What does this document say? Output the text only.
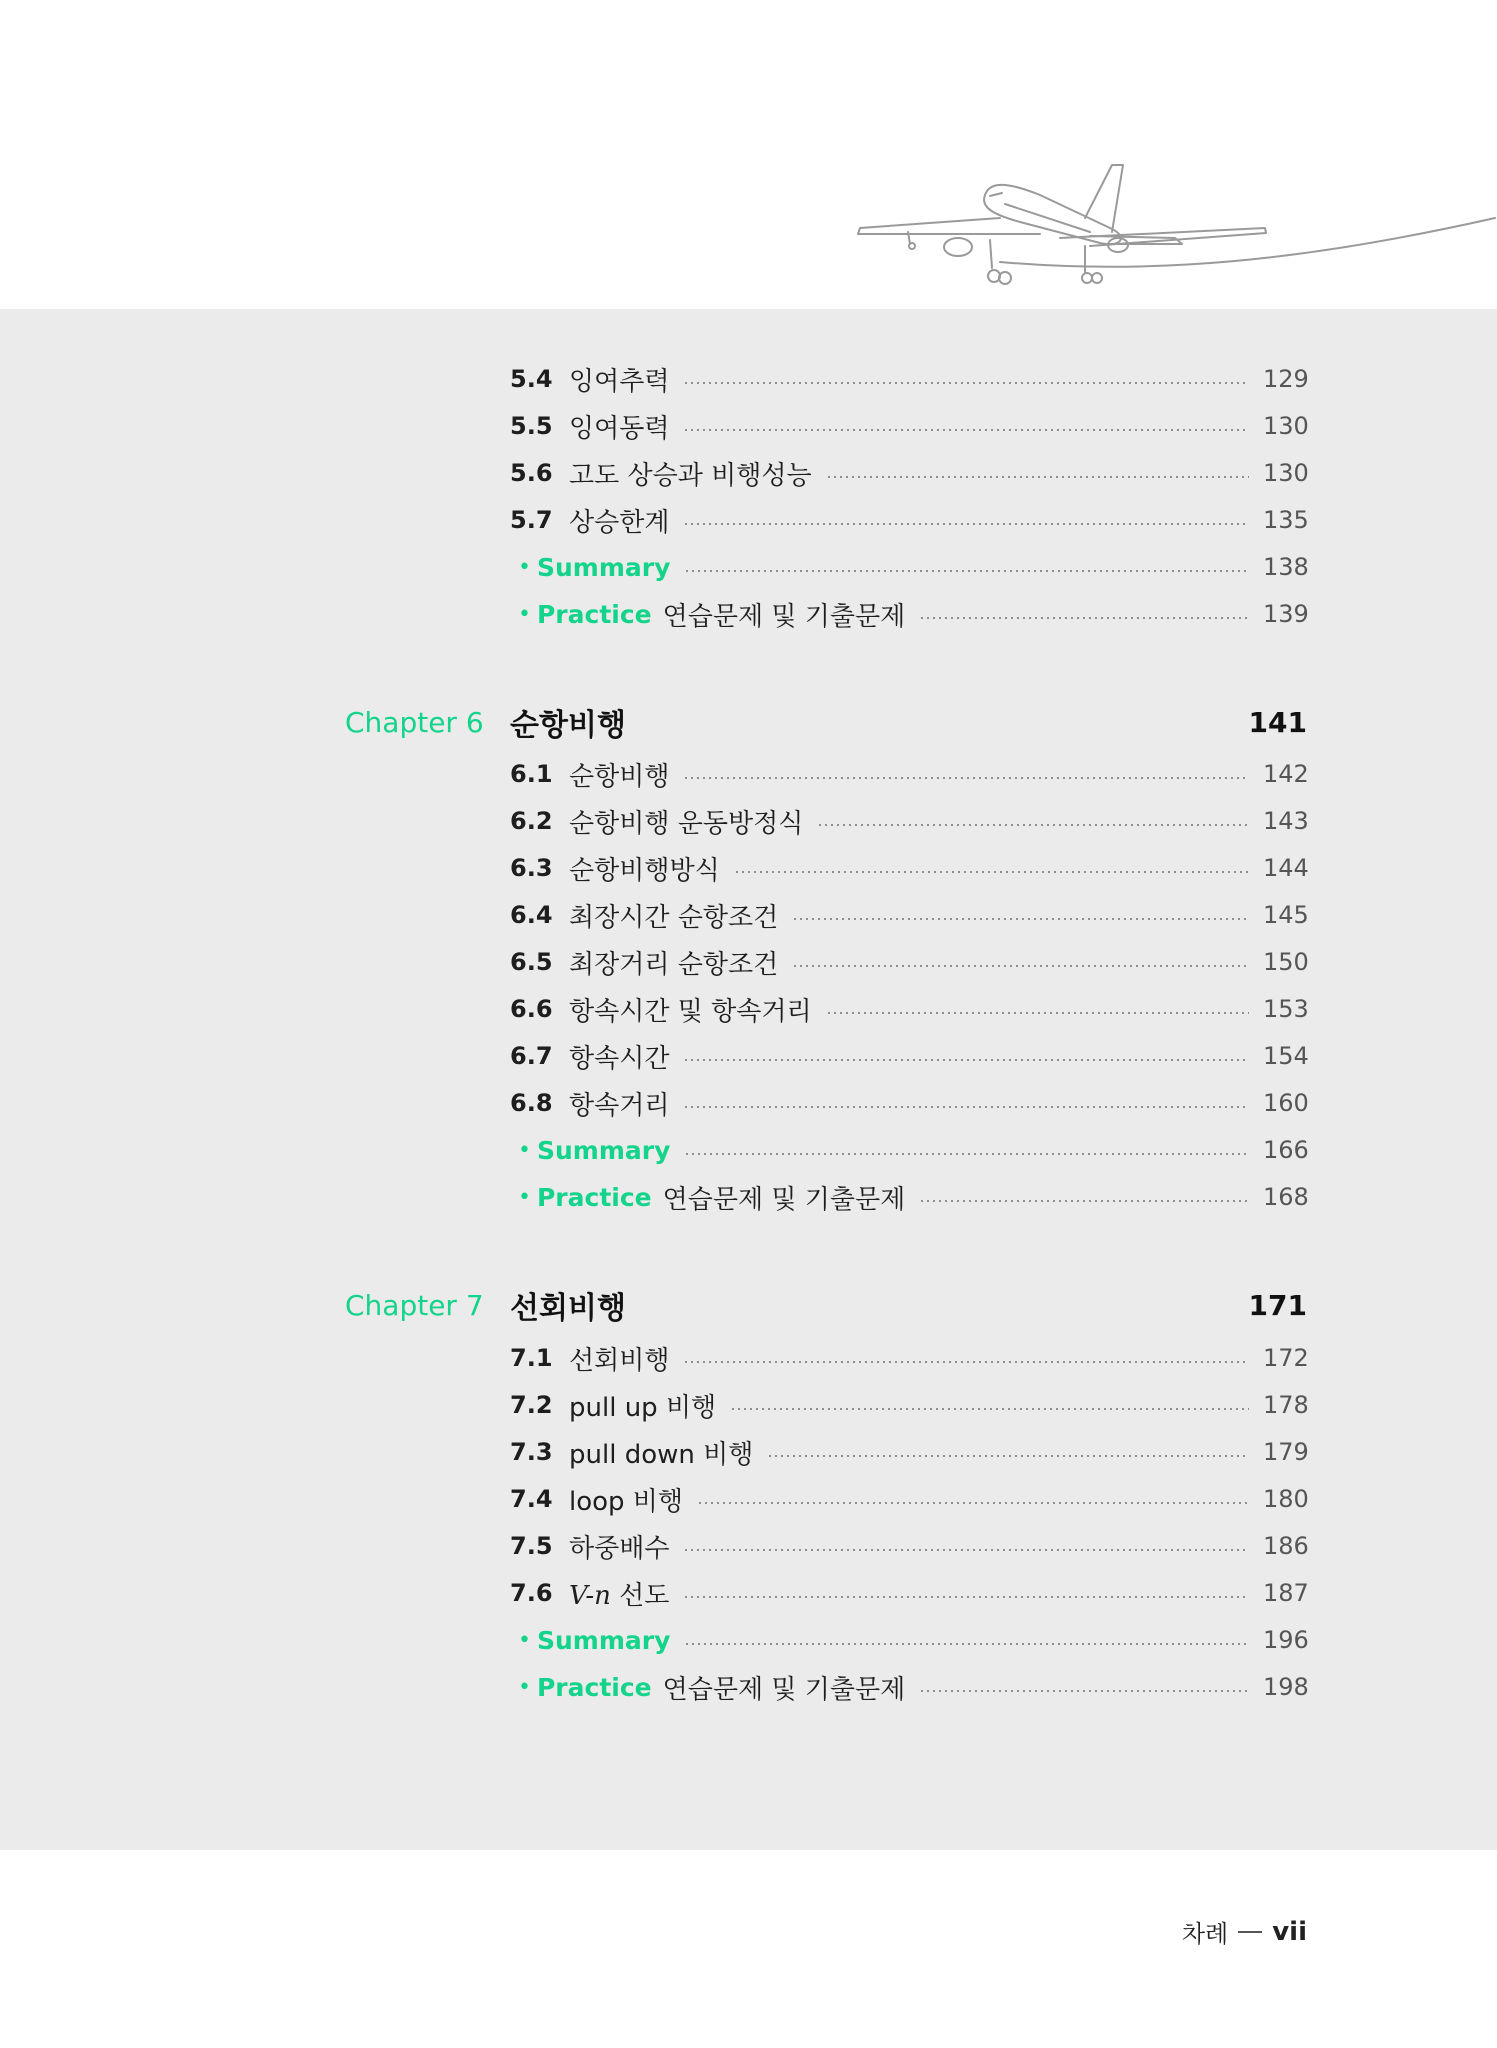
5.4 잉여추력	129
5.5 잉여동력	130
5.6 고도 상승과 비행성능	130
5.7 상승한계	135
• Summary	138
• Practice 연습문제 및 기출문제	139
Chapter 6 순항비행	141
6.1 순항비행	142
6.2 순항비행 운동방정식	143
6.3 순항비행방식	144
6.4 최장시간 순항조건	145
6.5 최장거리 순항조건	150
6.6 항속시간 및 항속거리	153
6.7 항속시간	154
6.8 항속거리	160
• Summary	166
• Practice 연습문제 및 기출문제	168
Chapter 7 선회비행	171
7.1 선회비행	172
7.2 pull up 비행	178
7.3 pull down 비행	179
7.4 loop 비행	180
7.5 하중배수	186
7.6 V-n 선도	187
• Summary	196
• Practice 연습문제 및 기출문제	198
차례 vii
